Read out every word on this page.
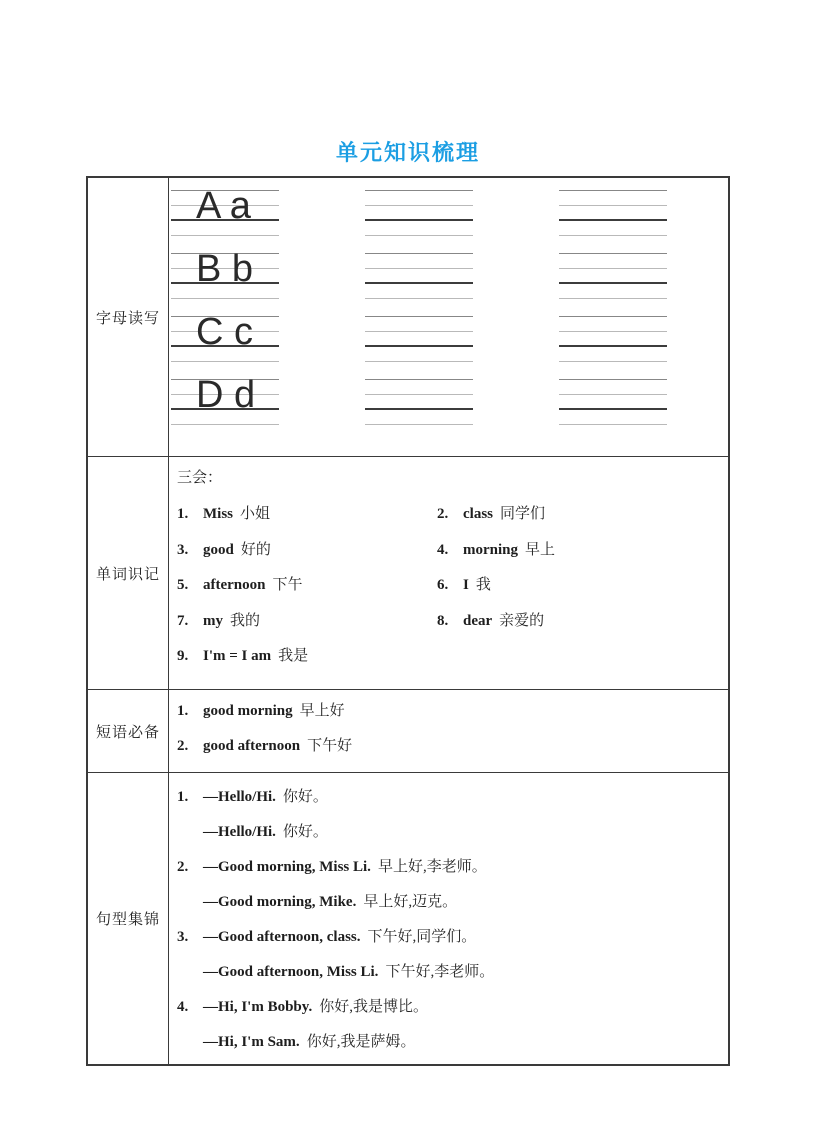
单元知识梳理
字母读写	A a
B b
C c
D d

单词识记	
三会：
1. Miss 小姐	2. class 同学们
3. good 好的	4. morning 早上
5. afternoon 下午	6. I 我
7. my 我的	8. dear 亲爱的
9. I'm = I am 我是

短语必备	1. good morning 早上好
2. good afternoon 下午好

句型集锦	
1. —Hello/Hi. 你好。
—Hello/Hi. 你好。
2. —Good morning, Miss Li. 早上好,李老师。
—Good morning, Mike. 早上好,迈克。
3. —Good afternoon, class. 下午好,同学们。
—Good afternoon, Miss Li. 下午好,李老师。
4. —Hi, I'm Bobby. 你好,我是博比。
—Hi, I'm Sam. 你好,我是萨姆。
